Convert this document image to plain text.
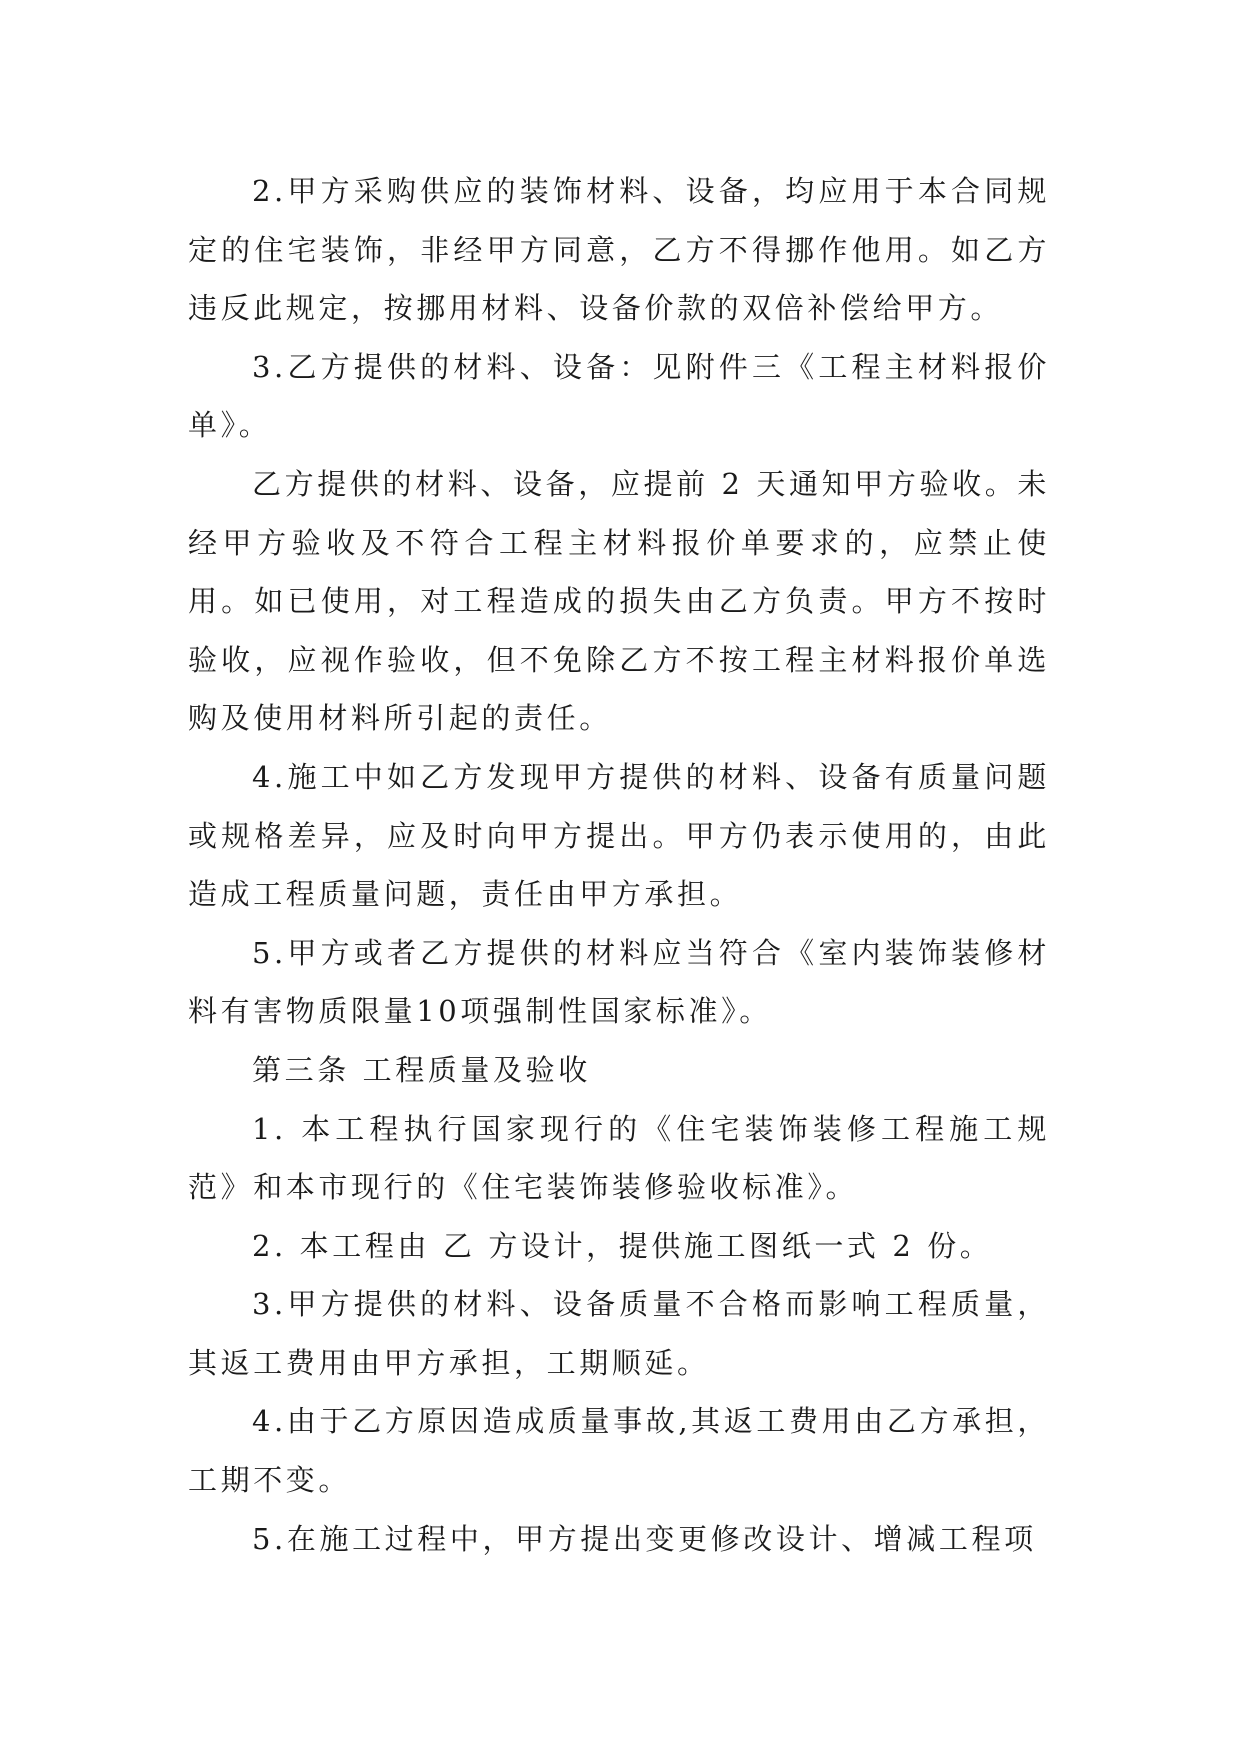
2.甲方采购供应的装饰材料、设备，均应用于本合同规定的住宅装饰，非经甲方同意，乙方不得挪作他用。如乙方违反此规定，按挪用材料、设备价款的双倍补偿给甲方。

3.乙方提供的材料、设备：见附件三《工程主材料报价单》。

乙方提供的材料、设备，应提前 2 天通知甲方验收。未经甲方验收及不符合工程主材料报价单要求的，应禁止使用。如已使用，对工程造成的损失由乙方负责。甲方不按时验收，应视作验收，但不免除乙方不按工程主材料报价单选购及使用材料所引起的责任。

4.施工中如乙方发现甲方提供的材料、设备有质量问题或规格差异，应及时向甲方提出。甲方仍表示使用的，由此造成工程质量问题，责任由甲方承担。

5.甲方或者乙方提供的材料应当符合《室内装饰装修材料有害物质限量10项强制性国家标准》。

第三条 工程质量及验收

1. 本工程执行国家现行的《住宅装饰装修工程施工规范》和本市现行的《住宅装饰装修验收标准》。

2. 本工程由 乙 方设计，提供施工图纸一式 2 份。

3.甲方提供的材料、设备质量不合格而影响工程质量，其返工费用由甲方承担，工期顺延。

4.由于乙方原因造成质量事故,其返工费用由乙方承担，工期不变。

5.在施工过程中，甲方提出变更修改设计、增减工程项
